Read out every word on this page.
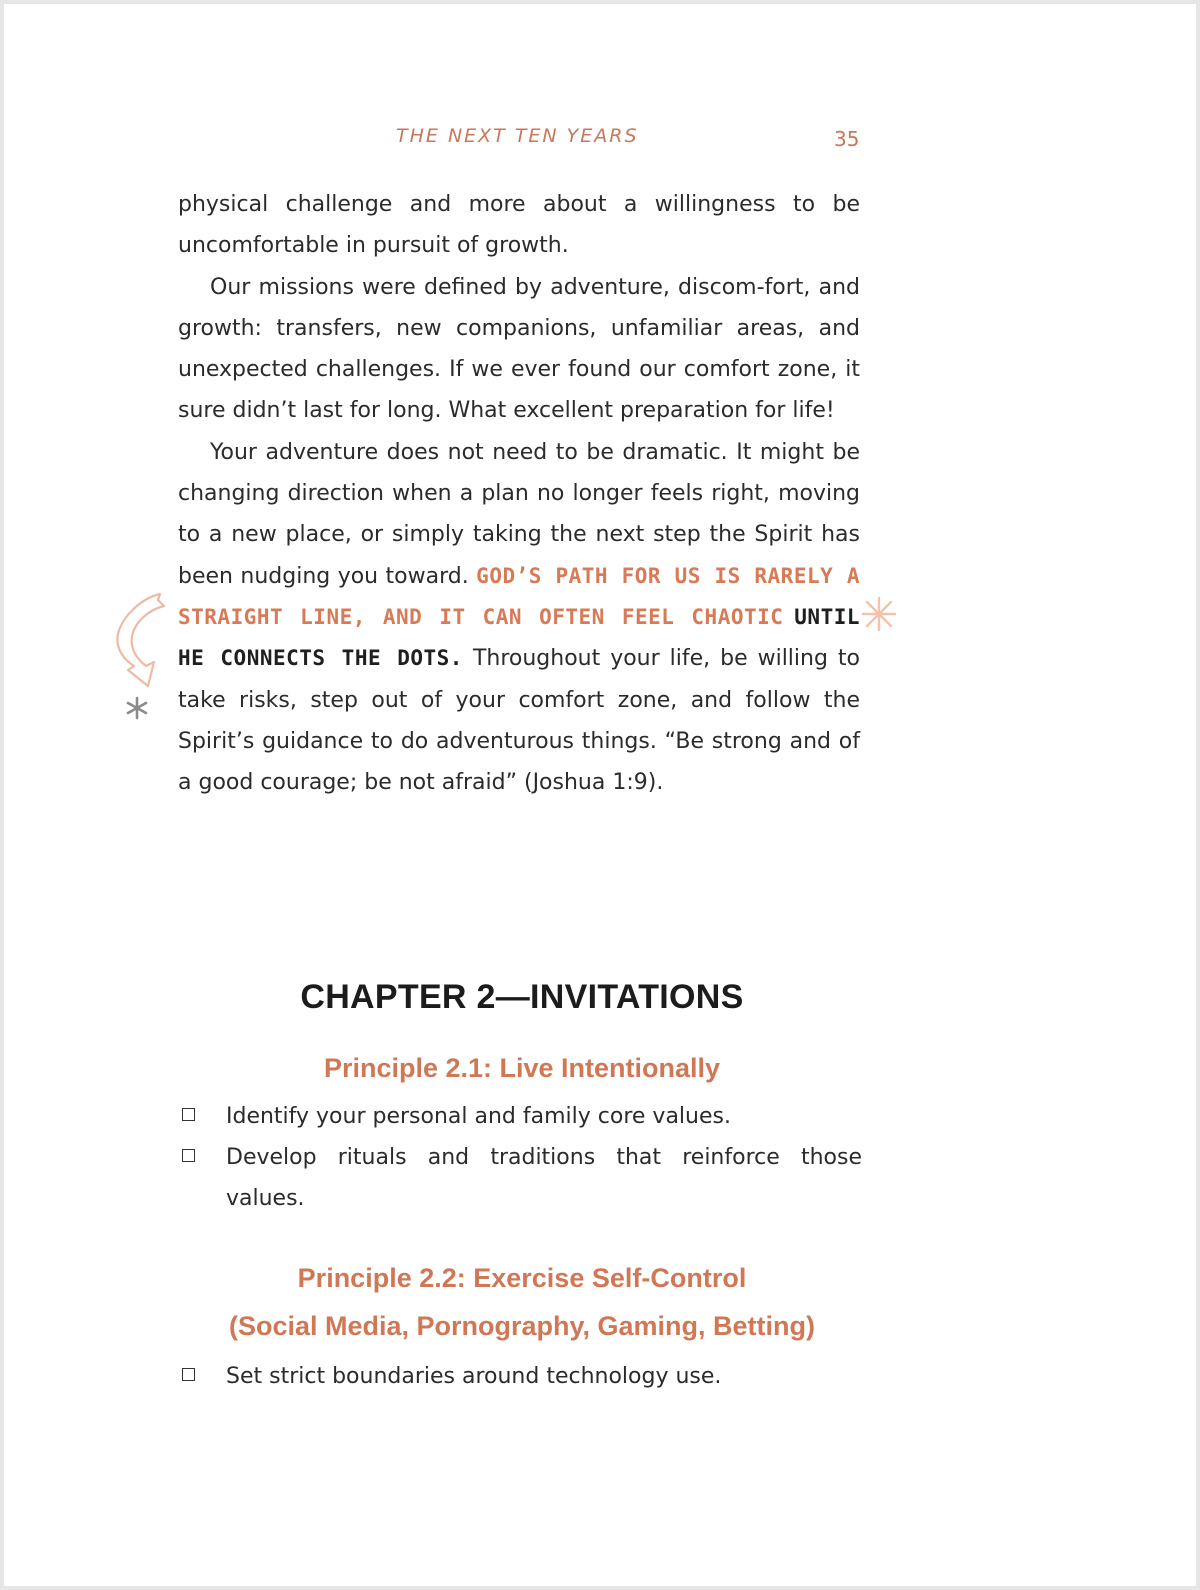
THE NEXT TEN YEARS	35

physical challenge and more about a willingness to be uncomfortable in pursuit of growth.

Our missions were defined by adventure, discom-fort, and growth: transfers, new companions, unfamiliar areas, and unexpected challenges. If we ever found our comfort zone, it sure didn’t last for long. What excellent preparation for life!

Your adventure does not need to be dramatic. It might be changing direction when a plan no longer feels right, moving to a new place, or simply taking the next step the Spirit has been nudging you toward. GOD’S PATH FOR US IS RARELY A STRAIGHT LINE, AND IT CAN OFTEN FEEL CHAOTIC UNTIL HE CONNECTS THE DOTS. Throughout your life, be willing to take risks, step out of your comfort zone, and follow the Spirit’s guidance to do adventurous things. “Be strong and of a good courage; be not afraid” (Joshua 1:9).

CHAPTER 2—INVITATIONS
Principle 2.1: Live Intentionally
Identify your personal and family core values.
Develop rituals and traditions that reinforce those values.
Principle 2.2: Exercise Self-Control
(Social Media, Pornography, Gaming, Betting)
Set strict boundaries around technology use.
